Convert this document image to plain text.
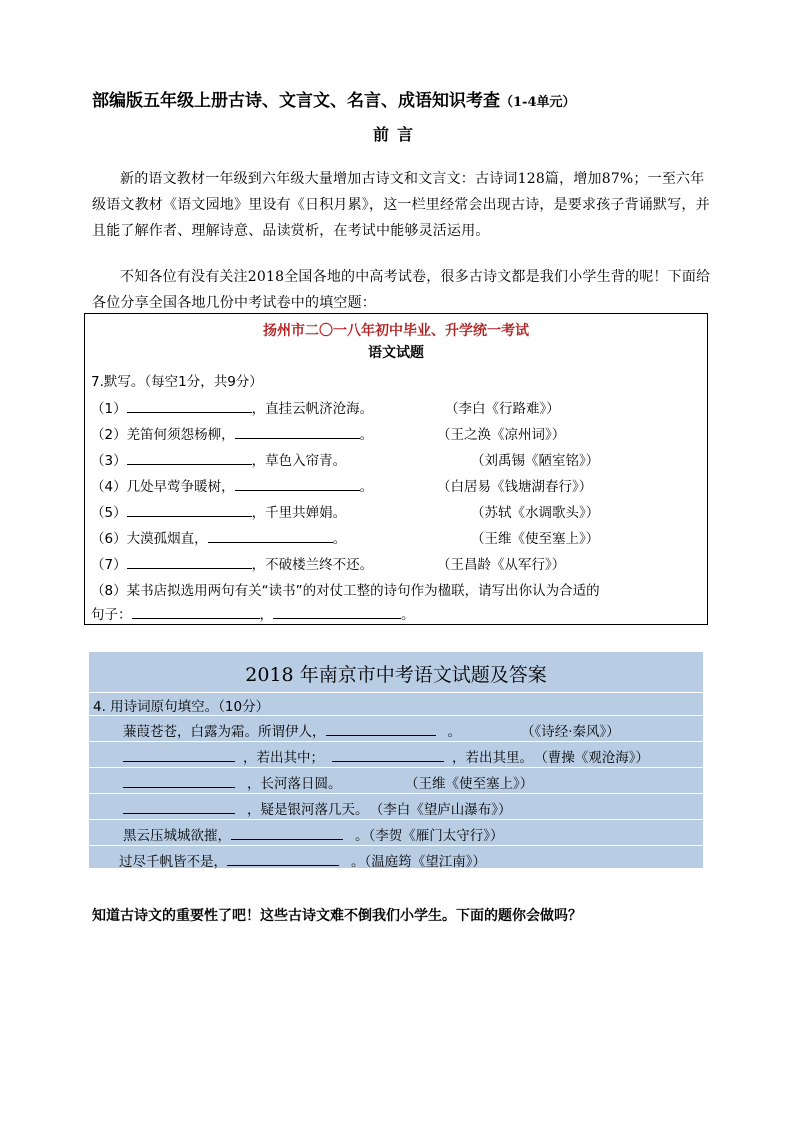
部编版五年级上册古诗、文言文、名言、成语知识考查（1-4单元）
前言
新的语文教材一年级到六年级大量增加古诗文和文言文：古诗词128篇，增加87%；一至六年级语文教材《语文园地》里设有《日积月累》，这一栏里经常会出现古诗，是要求孩子背诵默写，并且能了解作者、理解诗意、品读赏析，在考试中能够灵活运用。
不知各位有没有关注2018全国各地的中高考试卷，很多古诗文都是我们小学生背的呢！下面给各位分享全国各地几份中考试卷中的填空题：
扬州市二〇一八年初中毕业、升学统一考试
语文试题
7.默写。（每空1分，共9分）
（1）	，直挂云帆济沧海。	（李白《行路难》）
（2）羌笛何须怨杨柳，	。	（王之涣《凉州词》）
（3）	，草色入帘青。	（刘禹锡《陋室铭》）
（4）几处早莺争暖树，	。	（白居易《钱塘湖春行》）
（5）	，千里共婵娟。	（苏轼《水调歌头》）
（6）大漠孤烟直，	。	（王维《使至塞上》）
（7）	，不破楼兰终不还。	（王昌龄《从军行》）
（8）某书店拟选用两句有关“读书”的对仗工整的诗句作为楹联，请写出你认为合适的
句子：	，	。
2018 年南京市中考语文试题及答案
4. 用诗词原句填空。（10分）
蒹葭苍苍，白露为霜。所谓伊人，	。	（《诗经·秦风》）
，若出其中；	，若出其里。 （曹操《观沧海》）
，长河落日圆。	（王维《使至塞上》）
，疑是银河落几天。 （李白《望庐山瀑布》）
黑云压城城欲摧，	。（李贺《雁门太守行》）
过尽千帆皆不是，	。（温庭筠《望江南》）
知道古诗文的重要性了吧！这些古诗文难不倒我们小学生。下面的题你会做吗？
